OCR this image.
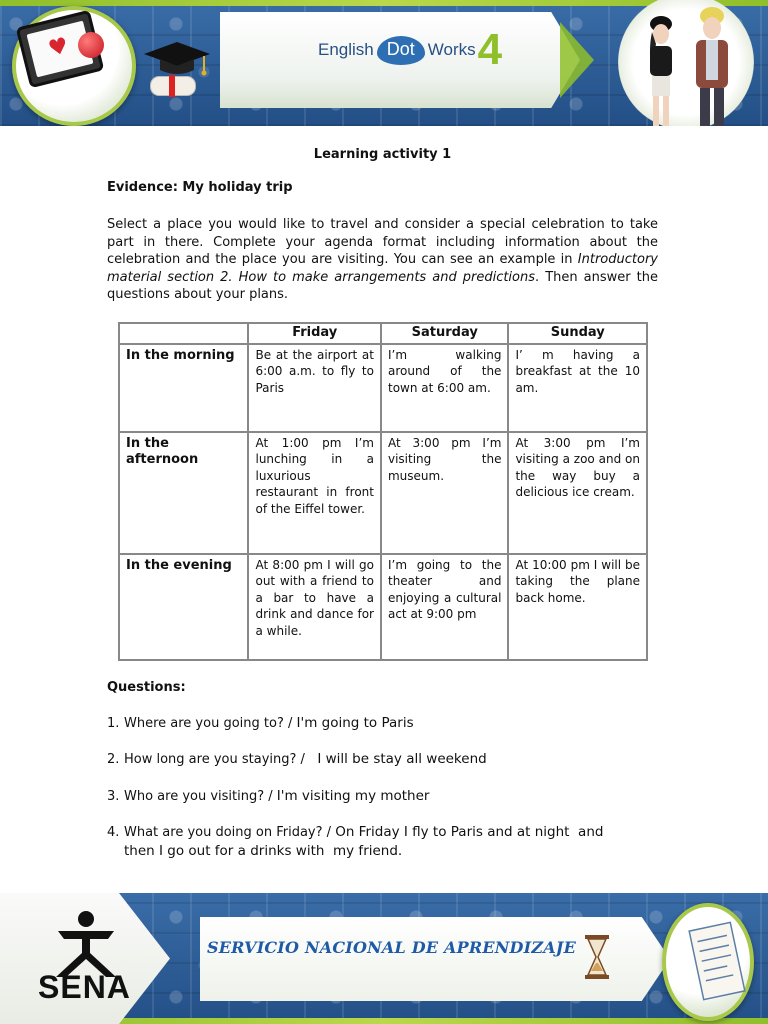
♥	English Dot Works 4
Learning activity 1
Evidence: My holiday trip

Select a place you would like to travel and consider a special celebration to take part in there. Complete your agenda format including information about the celebration and the place you are visiting. You can see an example in Introductory material section 2. How to make arrangements and predictions. Then answer the questions about your plans.

	Friday	Saturday	Sunday
In the morning	Be at the airport at 6:00 a.m. to fly to Paris	I’m walking around of the town at 6:00 am.	I’ m having a breakfast at the 10 am.
In the afternoon	At 1:00 pm I’m lunching in a luxurious restaurant in front of the Eiffel tower.	At 3:00 pm I’m visiting the museum.	At 3:00 pm I’m visiting a zoo and on the way buy a delicious ice cream.
In the evening	At 8:00 pm I will go out with a friend to a bar to have a drink and dance for a while.	I’m going to the theater and enjoying a cultural act at 9:00 pm	At 10:00 pm I will be taking the plane back home.
Questions:
1. Where are you going to? / I'm going to Paris
2. How long are you staying? /   I will be stay all weekend
3. Who are you visiting? / I'm visiting my mother
4. What are you doing on Friday? / On Friday I fly to Paris and at night  and
then I go out for a drinks with  my friend.
SENA
SERVICIO NACIONAL DE APRENDIZAJE
